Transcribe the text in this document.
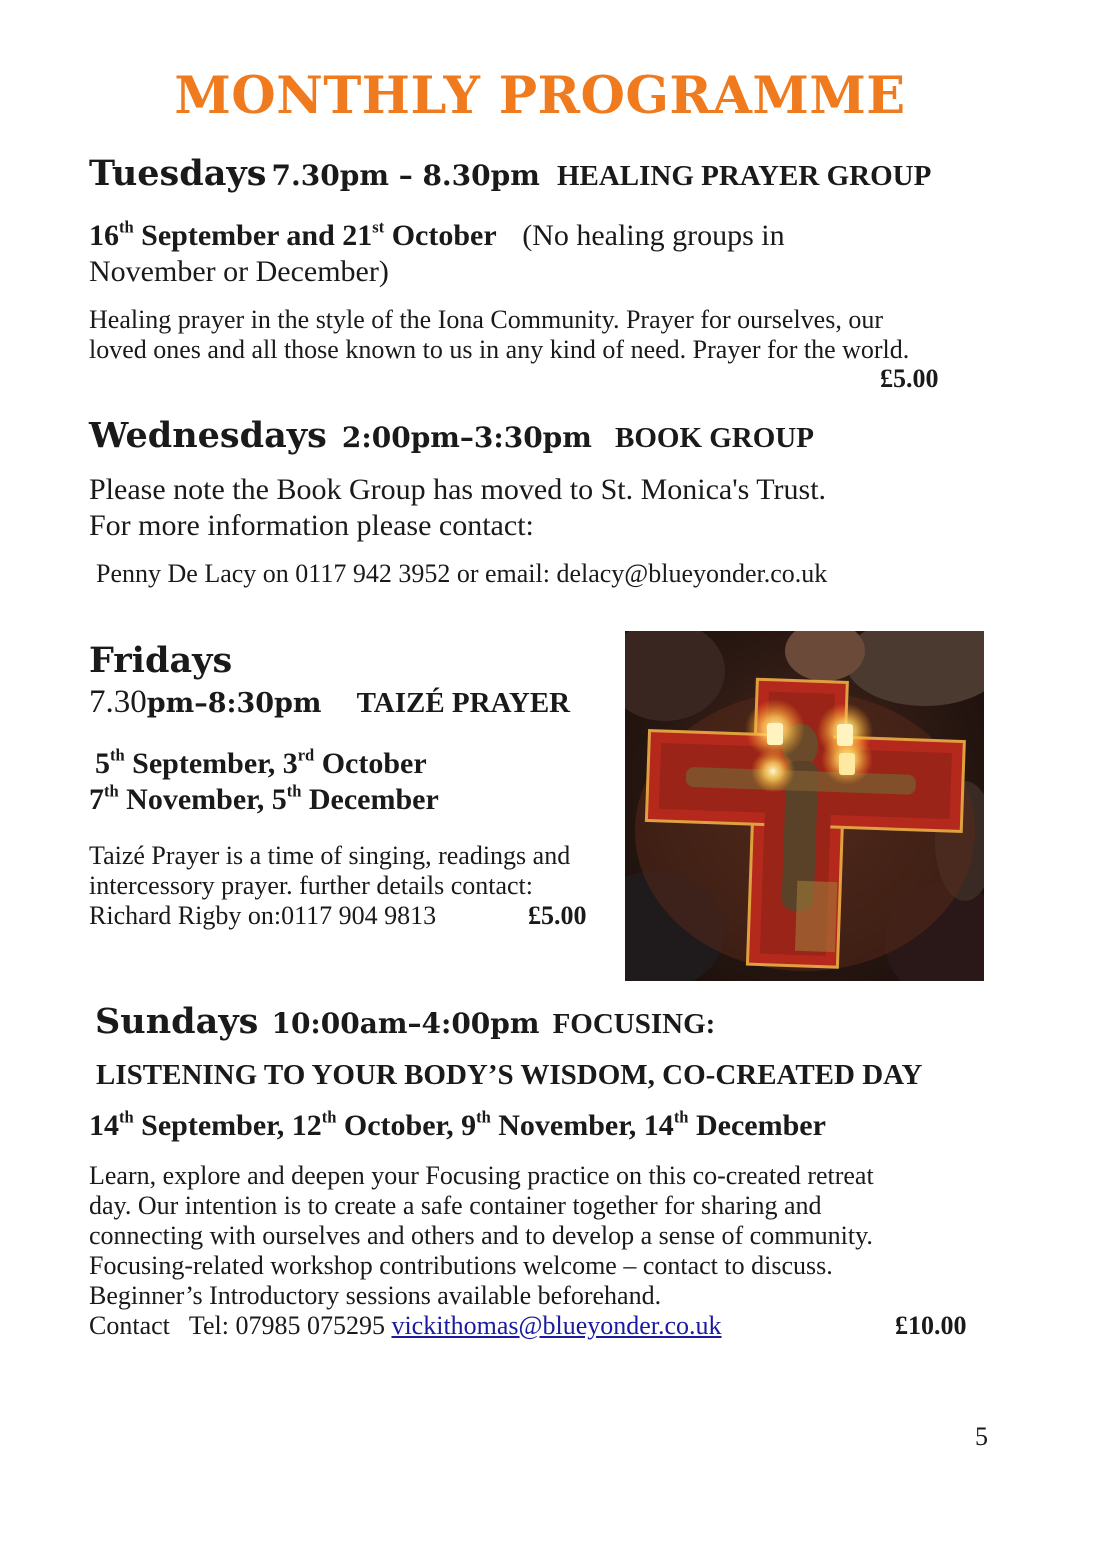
MONTHLY PROGRAMME
Tuesdays 7.30pm – 8.30pm HEALING PRAYER GROUP
16th September and 21st October (No healing groups in
November or December)
Healing prayer in the style of the Iona Community. Prayer for ourselves, our
loved ones and all those known to us in any kind of need. Prayer for the world.
£5.00
Wednesdays 2:00pm–3:30pm BOOK GROUP
Please note the Book Group has moved to St. Monica's Trust.
For more information please contact:
Penny De Lacy on 0117 942 3952 or email: delacy@blueyonder.co.uk
Fridays
7.30pm–8:30pm TAIZÉ PRAYER
5th September, 3rd October
7th November, 5th December
Taizé Prayer is a time of singing, readings and
intercessory prayer. further details contact:
Richard Rigby on:0117 904 9813	£5.00
Sundays 10:00am–4:00pm FOCUSING:
LISTENING TO YOUR BODY’S WISDOM, CO-CREATED DAY
14th September, 12th October, 9th November, 14th December
Learn, explore and deepen your Focusing practice on this co-created retreat
day. Our intention is to create a safe container together for sharing and
connecting with ourselves and others and to develop a sense of community.
Focusing-related workshop contributions welcome – contact to discuss.
Beginner’s Introductory sessions available beforehand.
Contact   Tel: 07985 075295 vickithomas@blueyonder.co.uk	£10.00
5
